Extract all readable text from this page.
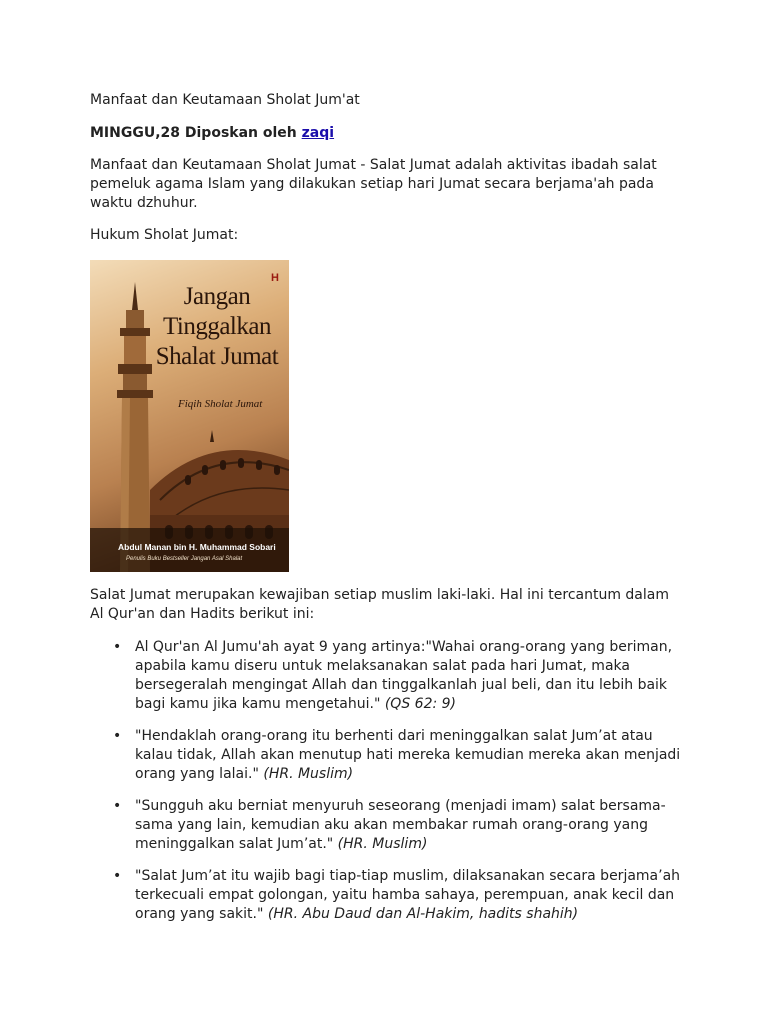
Manfaat dan Keutamaan Sholat Jum'at

MINGGU,28 Diposkan oleh zaqi

Manfaat dan Keutamaan Sholat Jumat - Salat Jumat adalah aktivitas ibadah salat pemeluk agama Islam yang dilakukan setiap hari Jumat secara berjama'ah pada waktu dzhuhur.

Hukum Sholat Jumat:

H
Jangan
Tinggalkan
Shalat Jumat
Fiqih Sholat Jumat
Abdul Manan bin H. Muhammad Sobari
Penulis Buku Bestseller Jangan Asal Shalat

Salat Jumat merupakan kewajiban setiap muslim laki-laki. Hal ini tercantum dalam Al Qur'an dan Hadits berikut ini:

• Al Qur'an Al Jumu'ah ayat 9 yang artinya:"Wahai orang-orang yang beriman, apabila kamu diseru untuk melaksanakan salat pada hari Jumat, maka bersegeralah mengingat Allah dan tinggalkanlah jual beli, dan itu lebih baik bagi kamu jika kamu mengetahui." (QS 62: 9)
• "Hendaklah orang-orang itu berhenti dari meninggalkan salat Jum’at atau kalau tidak, Allah akan menutup hati mereka kemudian mereka akan menjadi orang yang lalai." (HR. Muslim)
• "Sungguh aku berniat menyuruh seseorang (menjadi imam) salat bersama-sama yang lain, kemudian aku akan membakar rumah orang-orang yang meninggalkan salat Jum’at." (HR. Muslim)
• "Salat Jum’at itu wajib bagi tiap-tiap muslim, dilaksanakan secara berjama’ah terkecuali empat golongan, yaitu hamba sahaya, perempuan, anak kecil dan orang yang sakit." (HR. Abu Daud dan Al-Hakim, hadits shahih)
